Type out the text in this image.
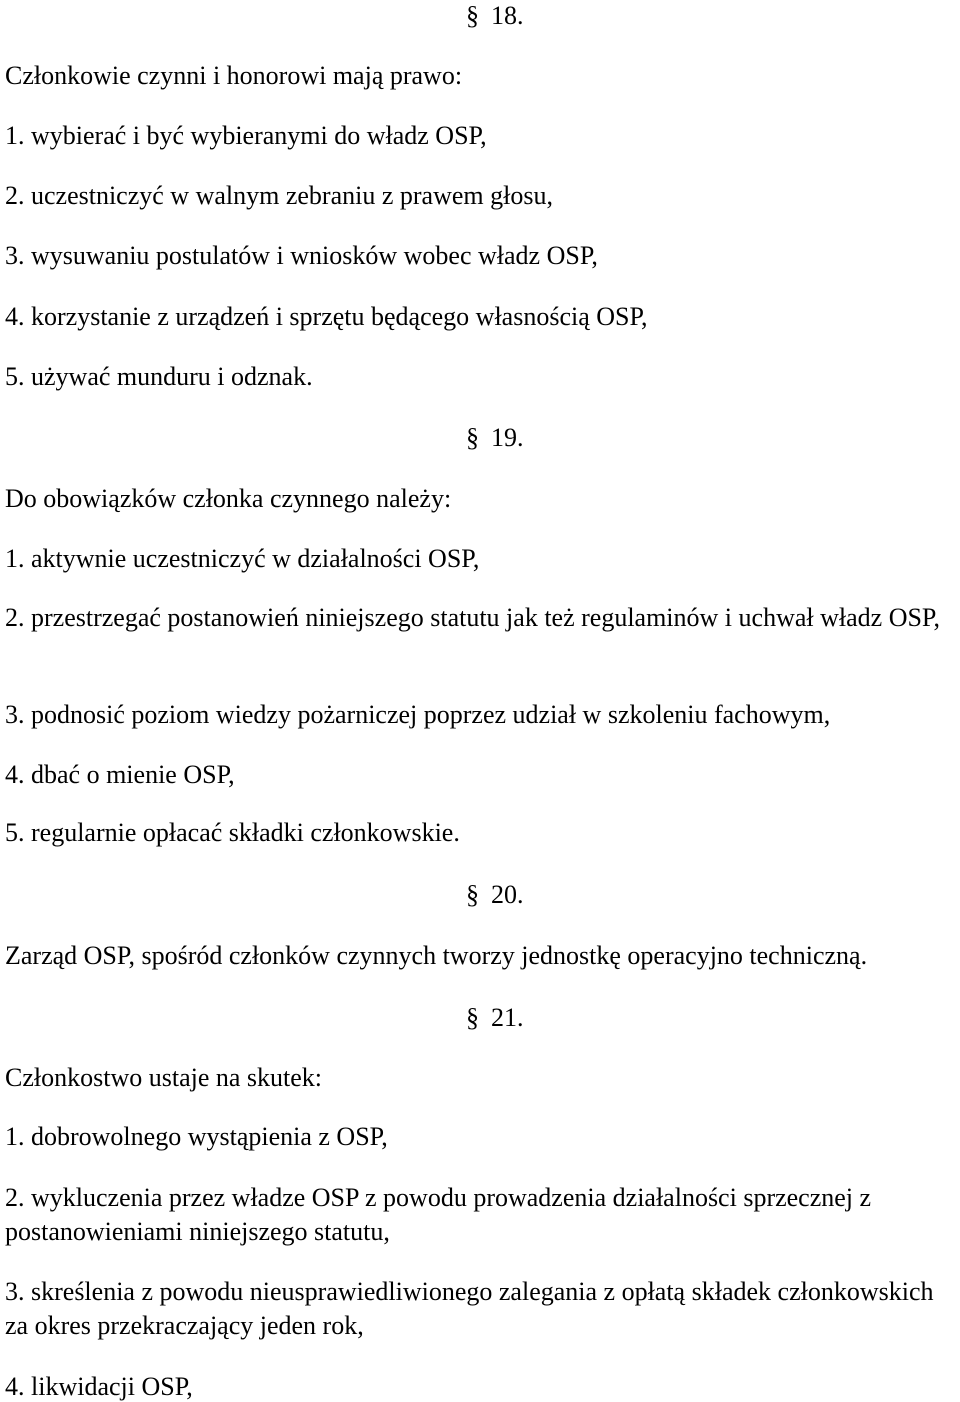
§ 18.
Członkowie czynni i honorowi mają prawo:
1. wybierać i być wybieranymi do władz OSP,
2. uczestniczyć w walnym zebraniu z prawem głosu,
3. wysuwaniu postulatów i wniosków wobec władz OSP,
4. korzystanie z urządzeń i sprzętu będącego własnością OSP,
5. używać munduru i odznak.
§ 19.
Do obowiązków członka czynnego należy:
1. aktywnie uczestniczyć w działalności OSP,
2. przestrzegać postanowień niniejszego statutu jak też regulaminów i uchwał władz OSP,
3. podnosić poziom wiedzy pożarniczej poprzez udział w szkoleniu fachowym,
4. dbać o mienie OSP,
5. regularnie opłacać składki członkowskie.
§ 20.
Zarząd OSP, spośród członków czynnych tworzy jednostkę operacyjno techniczną.
§ 21.
Członkostwo ustaje na skutek:
1. dobrowolnego wystąpienia z OSP,
2. wykluczenia przez władze OSP z powodu prowadzenia działalności sprzecznej z postanowieniami niniejszego statutu,
3. skreślenia z powodu nieusprawiedliwionego zalegania z opłatą składek członkowskich za okres przekraczający jeden rok,
4. likwidacji OSP,
